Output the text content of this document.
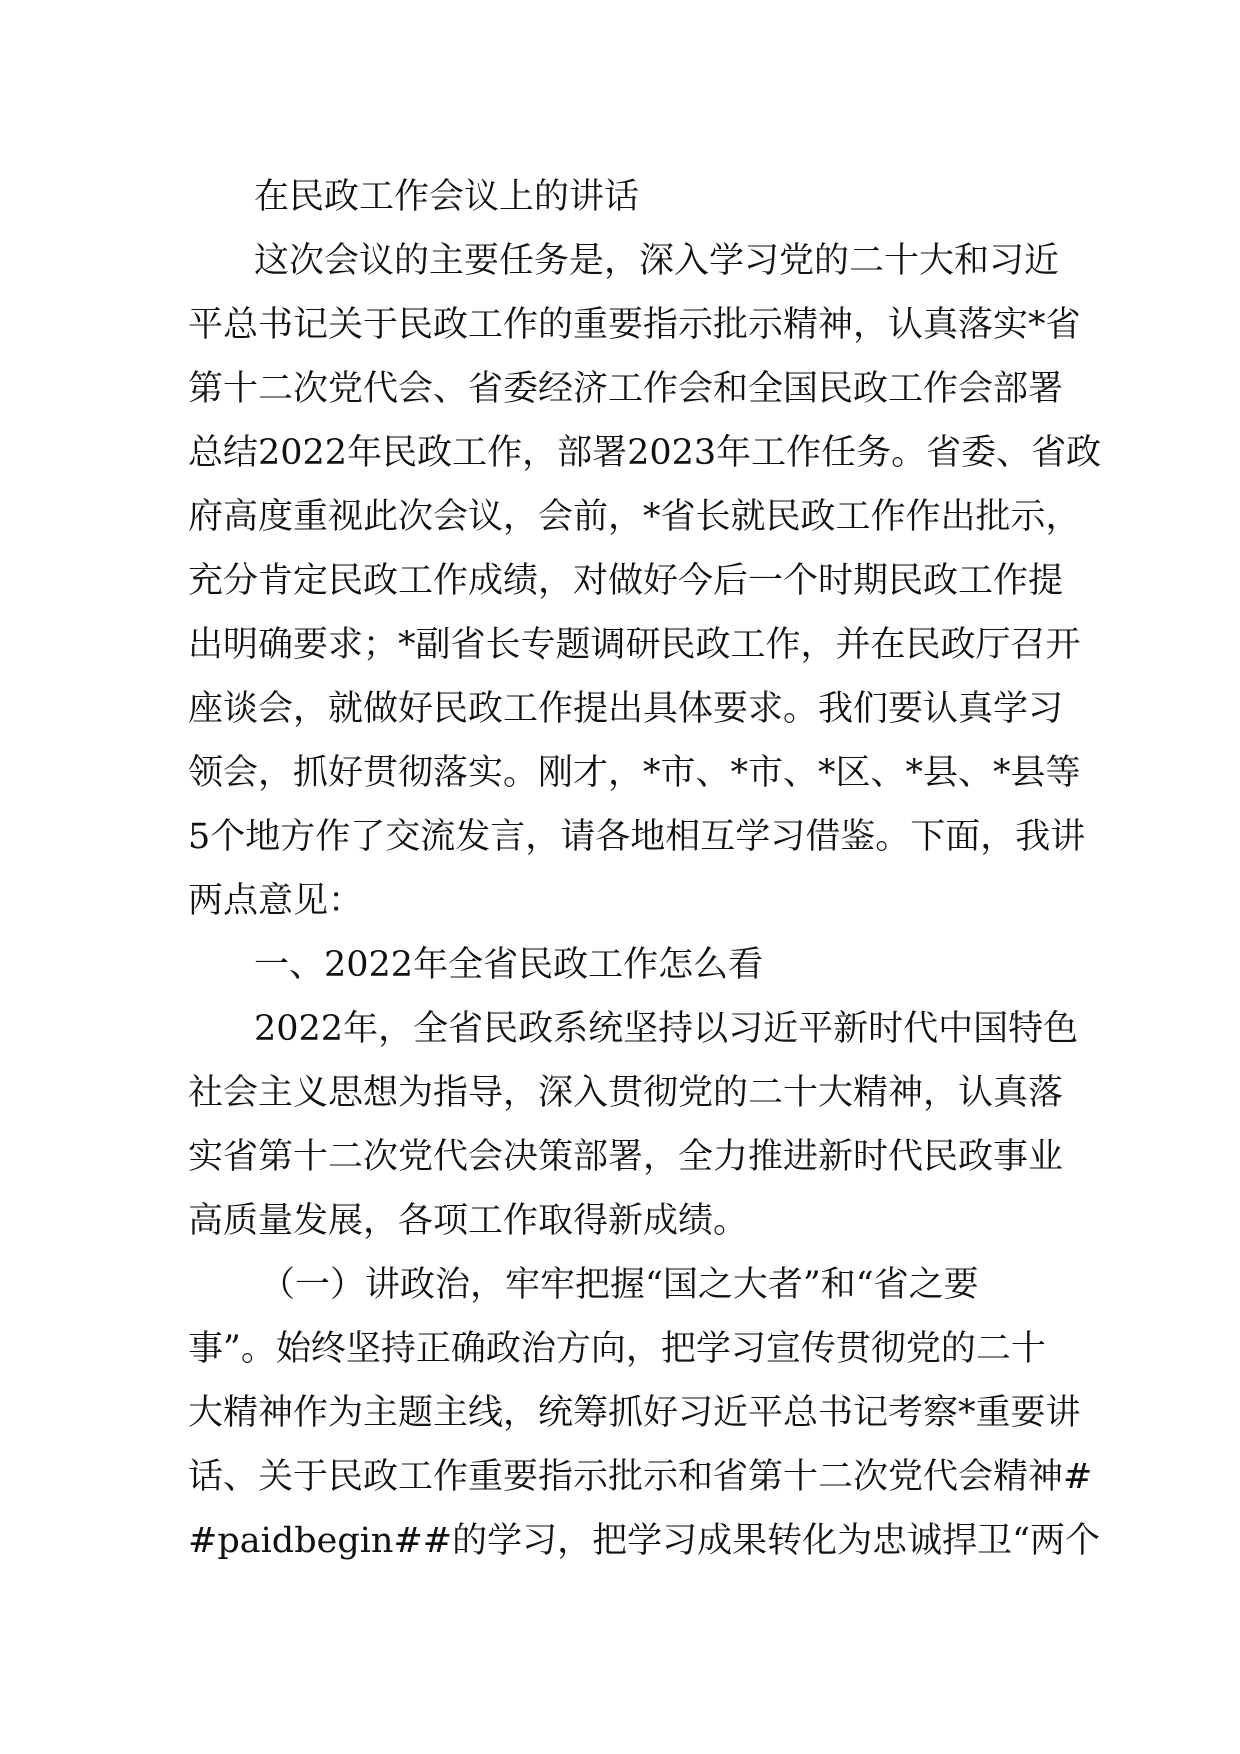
在民政工作会议上的讲话
这次会议的主要任务是，深入学习党的二十大和习近
平总书记关于民政工作的重要指示批示精神，认真落实*省
第十二次党代会、省委经济工作会和全国民政工作会部署
总结2022年民政工作，部署2023年工作任务。省委、省政
府高度重视此次会议，会前，*省长就民政工作作出批示，
充分肯定民政工作成绩，对做好今后一个时期民政工作提
出明确要求；*副省长专题调研民政工作，并在民政厅召开
座谈会，就做好民政工作提出具体要求。我们要认真学习
领会，抓好贯彻落实。刚才，*市、*市、*区、*县、*县等
5个地方作了交流发言，请各地相互学习借鉴。下面，我讲
两点意见：
一、2022年全省民政工作怎么看
2022年，全省民政系统坚持以习近平新时代中国特色
社会主义思想为指导，深入贯彻党的二十大精神，认真落
实省第十二次党代会决策部署，全力推进新时代民政事业
高质量发展，各项工作取得新成绩。
（一）讲政治，牢牢把握“国之大者”和“省之要
事”。始终坚持正确政治方向，把学习宣传贯彻党的二十
大精神作为主题主线，统筹抓好习近平总书记考察*重要讲
话、关于民政工作重要指示批示和省第十二次党代会精神#
#paidbegin##的学习，把学习成果转化为忠诚捍卫“两个
